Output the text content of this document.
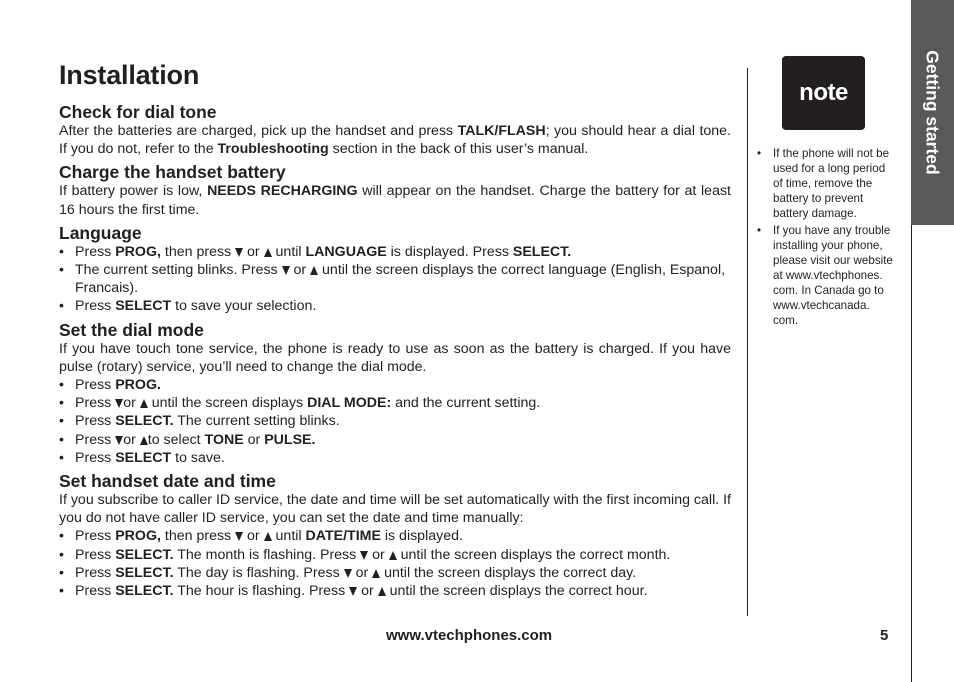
Installation
Check for dial tone

After the batteries are charged, pick up the handset and press TALK/FLASH; you should hear a dial tone. If you do not, refer to the Troubleshooting section in the back of this user’s manual.

Charge the handset battery

If battery power is low, NEEDS RECHARGING will appear on the handset. Charge the battery for at least 16 hours the first time.

Language
• Press PROG, then press  or  until LANGUAGE is displayed. Press SELECT.
• The current setting blinks. Press  or  until the screen displays the correct language (English, Espanol, Francais).
• Press SELECT to save your selection.
Set the dial mode

If you have touch tone service, the phone is ready to use as soon as the battery is charged. If you have pulse (rotary) service, you’ll need to change the dial mode.

• Press PROG.
• Press or  until the screen displays DIAL MODE: and the current setting.
• Press SELECT. The current setting blinks.
• Press or to select TONE or PULSE.
• Press SELECT to save.
Set handset date and time

If you subscribe to caller ID service, the date and time will be set automatically with the first incoming call. If you do not have caller ID service, you can set the date and time manually:

• Press PROG, then press  or  until DATE/TIME is displayed.
• Press SELECT. The month is flashing. Press  or  until the screen displays the correct month.
• Press SELECT. The day is flashing. Press  or  until the screen displays the correct day.
• Press SELECT. The hour is flashing. Press  or  until the screen displays the correct hour.
note
• If the phone will not be used for a long period of time, remove the battery to prevent battery damage.
• If you have any trouble installing your phone, please visit our website at www.vtechphones. com. In Canada go to www.vtechcanada. com.
Getting started
www.vtechphones.com	5
